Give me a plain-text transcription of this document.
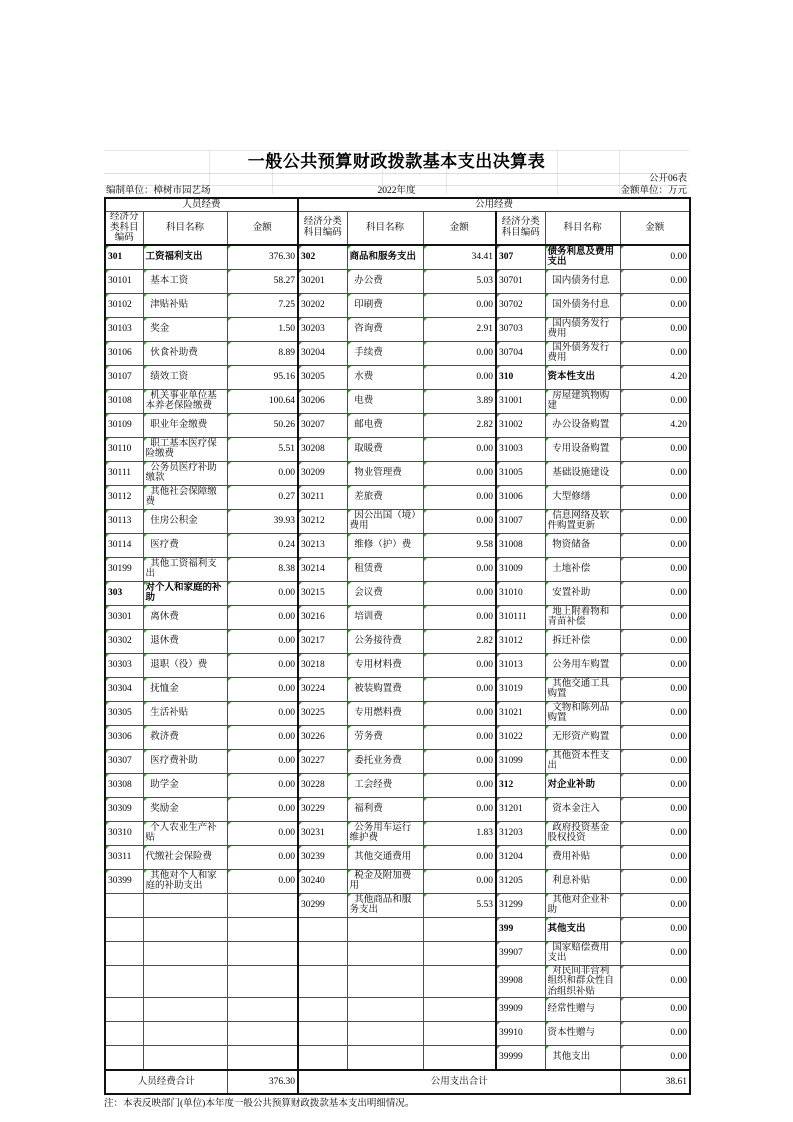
一般公共预算财政拨款基本支出决算表
公开06表
编制单位：樟树市园艺场	2022年度	金额单位：万元
人员经费			公用经费					
经济分类科目编码	科目名称	金额	经济分类科目编码	科目名称	金额	经济分类科目编码	科目名称	金额
301	工资福利支出	376.30	302	商品和服务支出	34.41	307	债务利息及费用支出	0.00
30101	基本工资	58.27	30201	办公费	5.03	30701	国内债务付息	0.00
30102	津贴补贴	7.25	30202	印刷费	0.00	30702	国外债务付息	0.00
30103	奖金	1.50	30203	咨询费	2.91	30703	国内债务发行费用	0.00
30106	伙食补助费	8.89	30204	手续费	0.00	30704	国外债务发行费用	0.00
30107	绩效工资	95.16	30205	水费	0.00	310	资本性支出	4.20
30108	机关事业单位基本养老保险缴费	100.64	30206	电费	3.89	31001	房屋建筑物购建	0.00
30109	职业年金缴费	50.26	30207	邮电费	2.82	31002	办公设备购置	4.20
30110	职工基本医疗保险缴费	5.51	30208	取暖费	0.00	31003	专用设备购置	0.00
30111	公务员医疗补助缴款	0.00	30209	物业管理费	0.00	31005	基础设施建设	0.00
30112	其他社会保障缴费	0.27	30211	差旅费	0.00	31006	大型修缮	0.00
30113	住房公积金	39.93	30212	因公出国（境）费用	0.00	31007	信息网络及软件购置更新	0.00
30114	医疗费	0.24	30213	维修（护）费	9.58	31008	物资储备	0.00
30199	其他工资福利支出	8.38	30214	租赁费	0.00	31009	土地补偿	0.00
303	对个人和家庭的补助	0.00	30215	会议费	0.00	31010	安置补助	0.00
30301	离休费	0.00	30216	培训费	0.00	310111	地上附着物和青苗补偿	0.00
30302	退休费	0.00	30217	公务接待费	2.82	31012	拆迁补偿	0.00
30303	退职（役）费	0.00	30218	专用材料费	0.00	31013	公务用车购置	0.00
30304	抚恤金	0.00	30224	被装购置费	0.00	31019	其他交通工具购置	0.00
30305	生活补贴	0.00	30225	专用燃料费	0.00	31021	文物和陈列品购置	0.00
30306	救济费	0.00	30226	劳务费	0.00	31022	无形资产购置	0.00
30307	医疗费补助	0.00	30227	委托业务费	0.00	31099	其他资本性支出	0.00
30308	助学金	0.00	30228	工会经费	0.00	312	对企业补助	0.00
30309	奖励金	0.00	30229	福利费	0.00	31201	资本金注入	0.00
30310	个人农业生产补贴	0.00	30231	公务用车运行维护费	1.83	31203	政府投资基金股权投资	0.00
30311	代缴社会保险费	0.00	30239	其他交通费用	0.00	31204	费用补贴	0.00
30399	其他对个人和家庭的补助支出	0.00	30240	税金及附加费用	0.00	31205	利息补贴	0.00
			30299	其他商品和服务支出	5.53	31299	其他对企业补助	0.00
						399	其他支出	0.00
						39907	国家赔偿费用支出	0.00
						39908	对民间非营利组织和群众性自治组织补贴	0.00
						39909	经常性赠与	0.00
						39910	资本性赠与	0.00
						39999	其他支出	0.00
人员经费合计		376.30	公用支出合计					38.61
注：本表反映部门(单位)本年度一般公共预算财政拨款基本支出明细情况。
